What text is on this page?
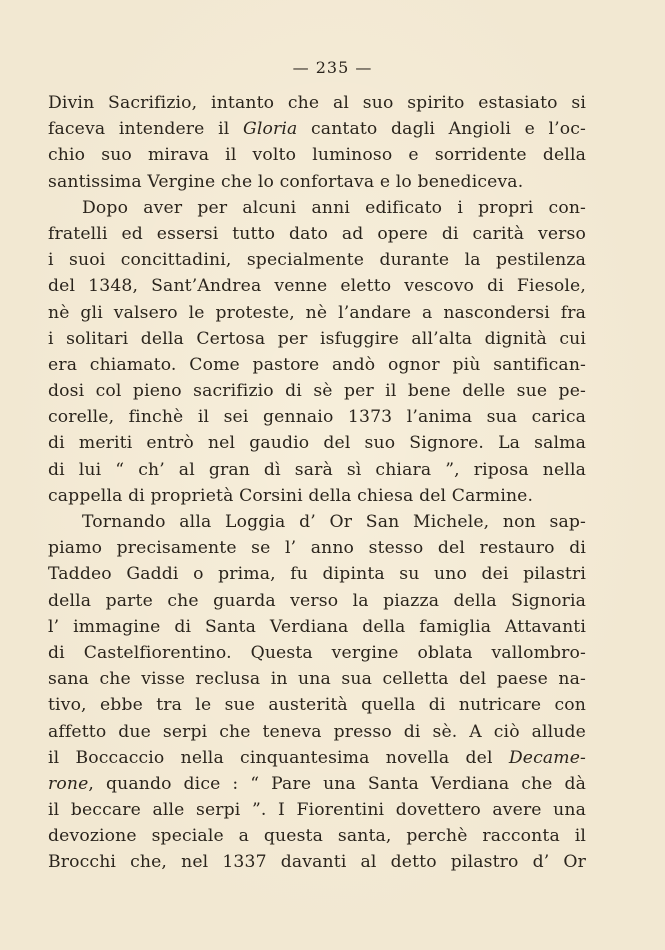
— 235 —
Divin Sacrifizio, intanto che al suo spirito estasiato si
faceva intendere il Gloria cantato dagli Angioli e l’oc-
chio suo mirava il volto luminoso e sorridente della
santissima Vergine che lo confortava e lo benediceva.
Dopo aver per alcuni anni edificato i propri con-
fratelli ed essersi tutto dato ad opere di carità verso
i suoi concittadini, specialmente durante la pestilenza
del 1348, Sant’Andrea venne eletto vescovo di Fiesole,
nè gli valsero le proteste, nè l’andare a nascondersi fra
i solitari della Certosa per isfuggire all’alta dignità cui
era chiamato. Come pastore andò ognor più santifican-
dosi col pieno sacrifizio di sè per il bene delle sue pe-
corelle, finchè il sei gennaio 1373 l’anima sua carica
di meriti entrò nel gaudio del suo Signore. La salma
di lui “ ch’ al gran dì sarà sì chiara ”, riposa nella
cappella di proprietà Corsini della chiesa del Carmine.
Tornando alla Loggia d’ Or San Michele, non sap-
piamo precisamente se l’ anno stesso del restauro di
Taddeo Gaddi o prima, fu dipinta su uno dei pilastri
della parte che guarda verso la piazza della Signoria
l’ immagine di Santa Verdiana della famiglia Attavanti
di Castelfiorentino. Questa vergine oblata vallombro-
sana che visse reclusa in una sua celletta del paese na-
tivo, ebbe tra le sue austerità quella di nutricare con
affetto due serpi che teneva presso di sè. A ciò allude
il Boccaccio nella cinquantesima novella del Decame-
rone, quando dice : “ Pare una Santa Verdiana che dà
il beccare alle serpi ”. I Fiorentini dovettero avere una
devozione speciale a questa santa, perchè racconta il
Brocchi che, nel 1337 davanti al detto pilastro d’ Or
